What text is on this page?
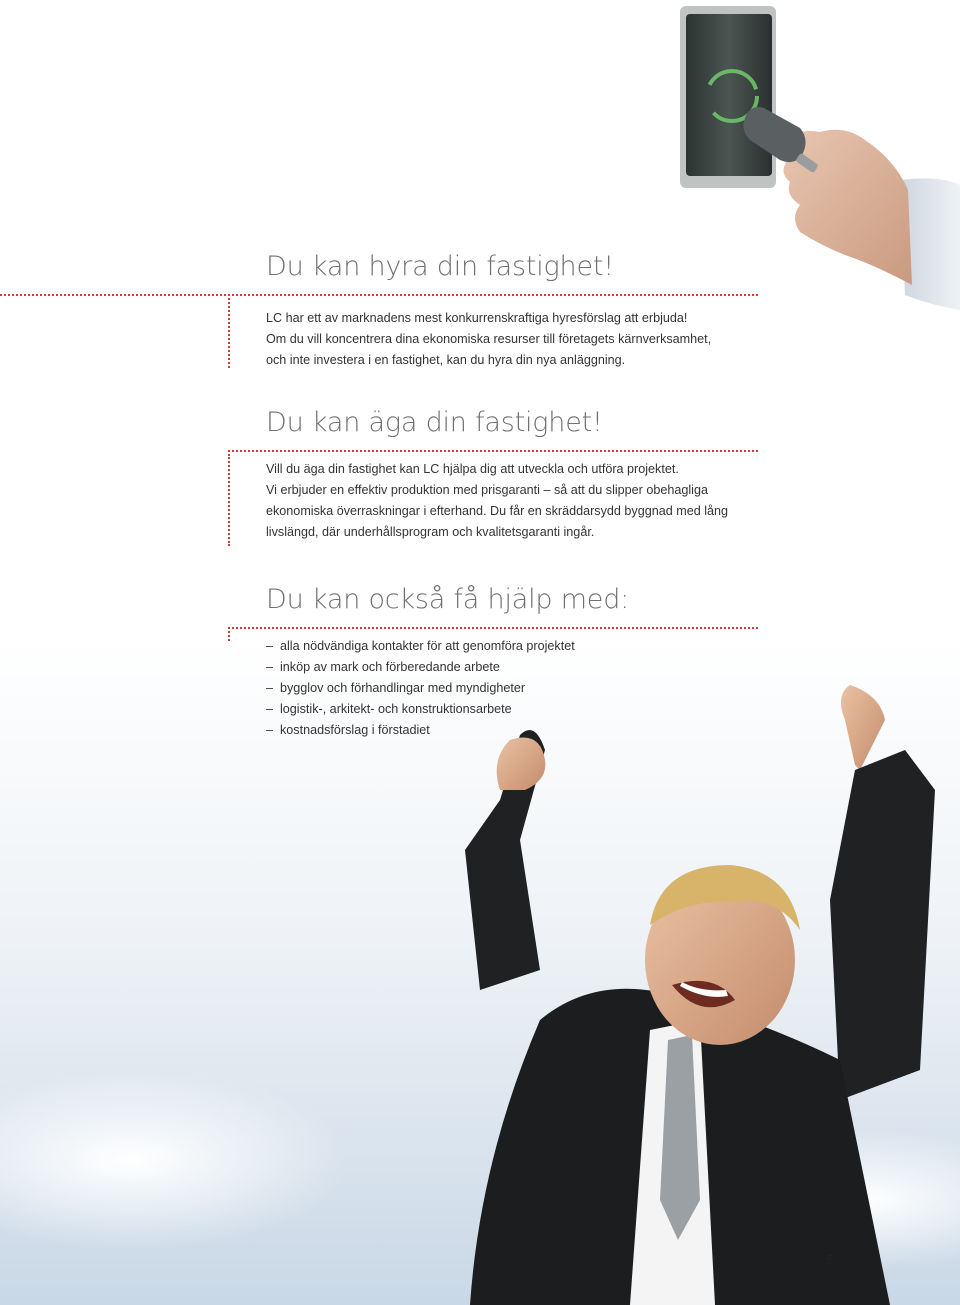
Du kan hyra din fastighet!

LC har ett av marknadens mest konkurrenskraftiga hyresförslag att erbjuda!

Om du vill koncentrera dina ekonomiska resurser till företagets kärnverksamhet,

och inte investera i en fastighet, kan du hyra din nya anläggning.

Du kan äga din fastighet!

Vill du äga din fastighet kan LC hjälpa dig att utveckla och utföra projektet.

Vi erbjuder en effektiv produktion med prisgaranti – så att du slipper obehagliga

ekonomiska överraskningar i efterhand. Du får en skräddarsydd byggnad med lång

livslängd, där underhållsprogram och kvalitetsgaranti ingår.

Du kan också få hjälp med:
– alla nödvändiga kontakter för att genomföra projektet
– inköp av mark och förberedande arbete
– bygglov och förhandlingar med myndigheter
– logistik-, arkitekt- och konstruktionsarbete
– kostnadsförslag i förstadiet
5
